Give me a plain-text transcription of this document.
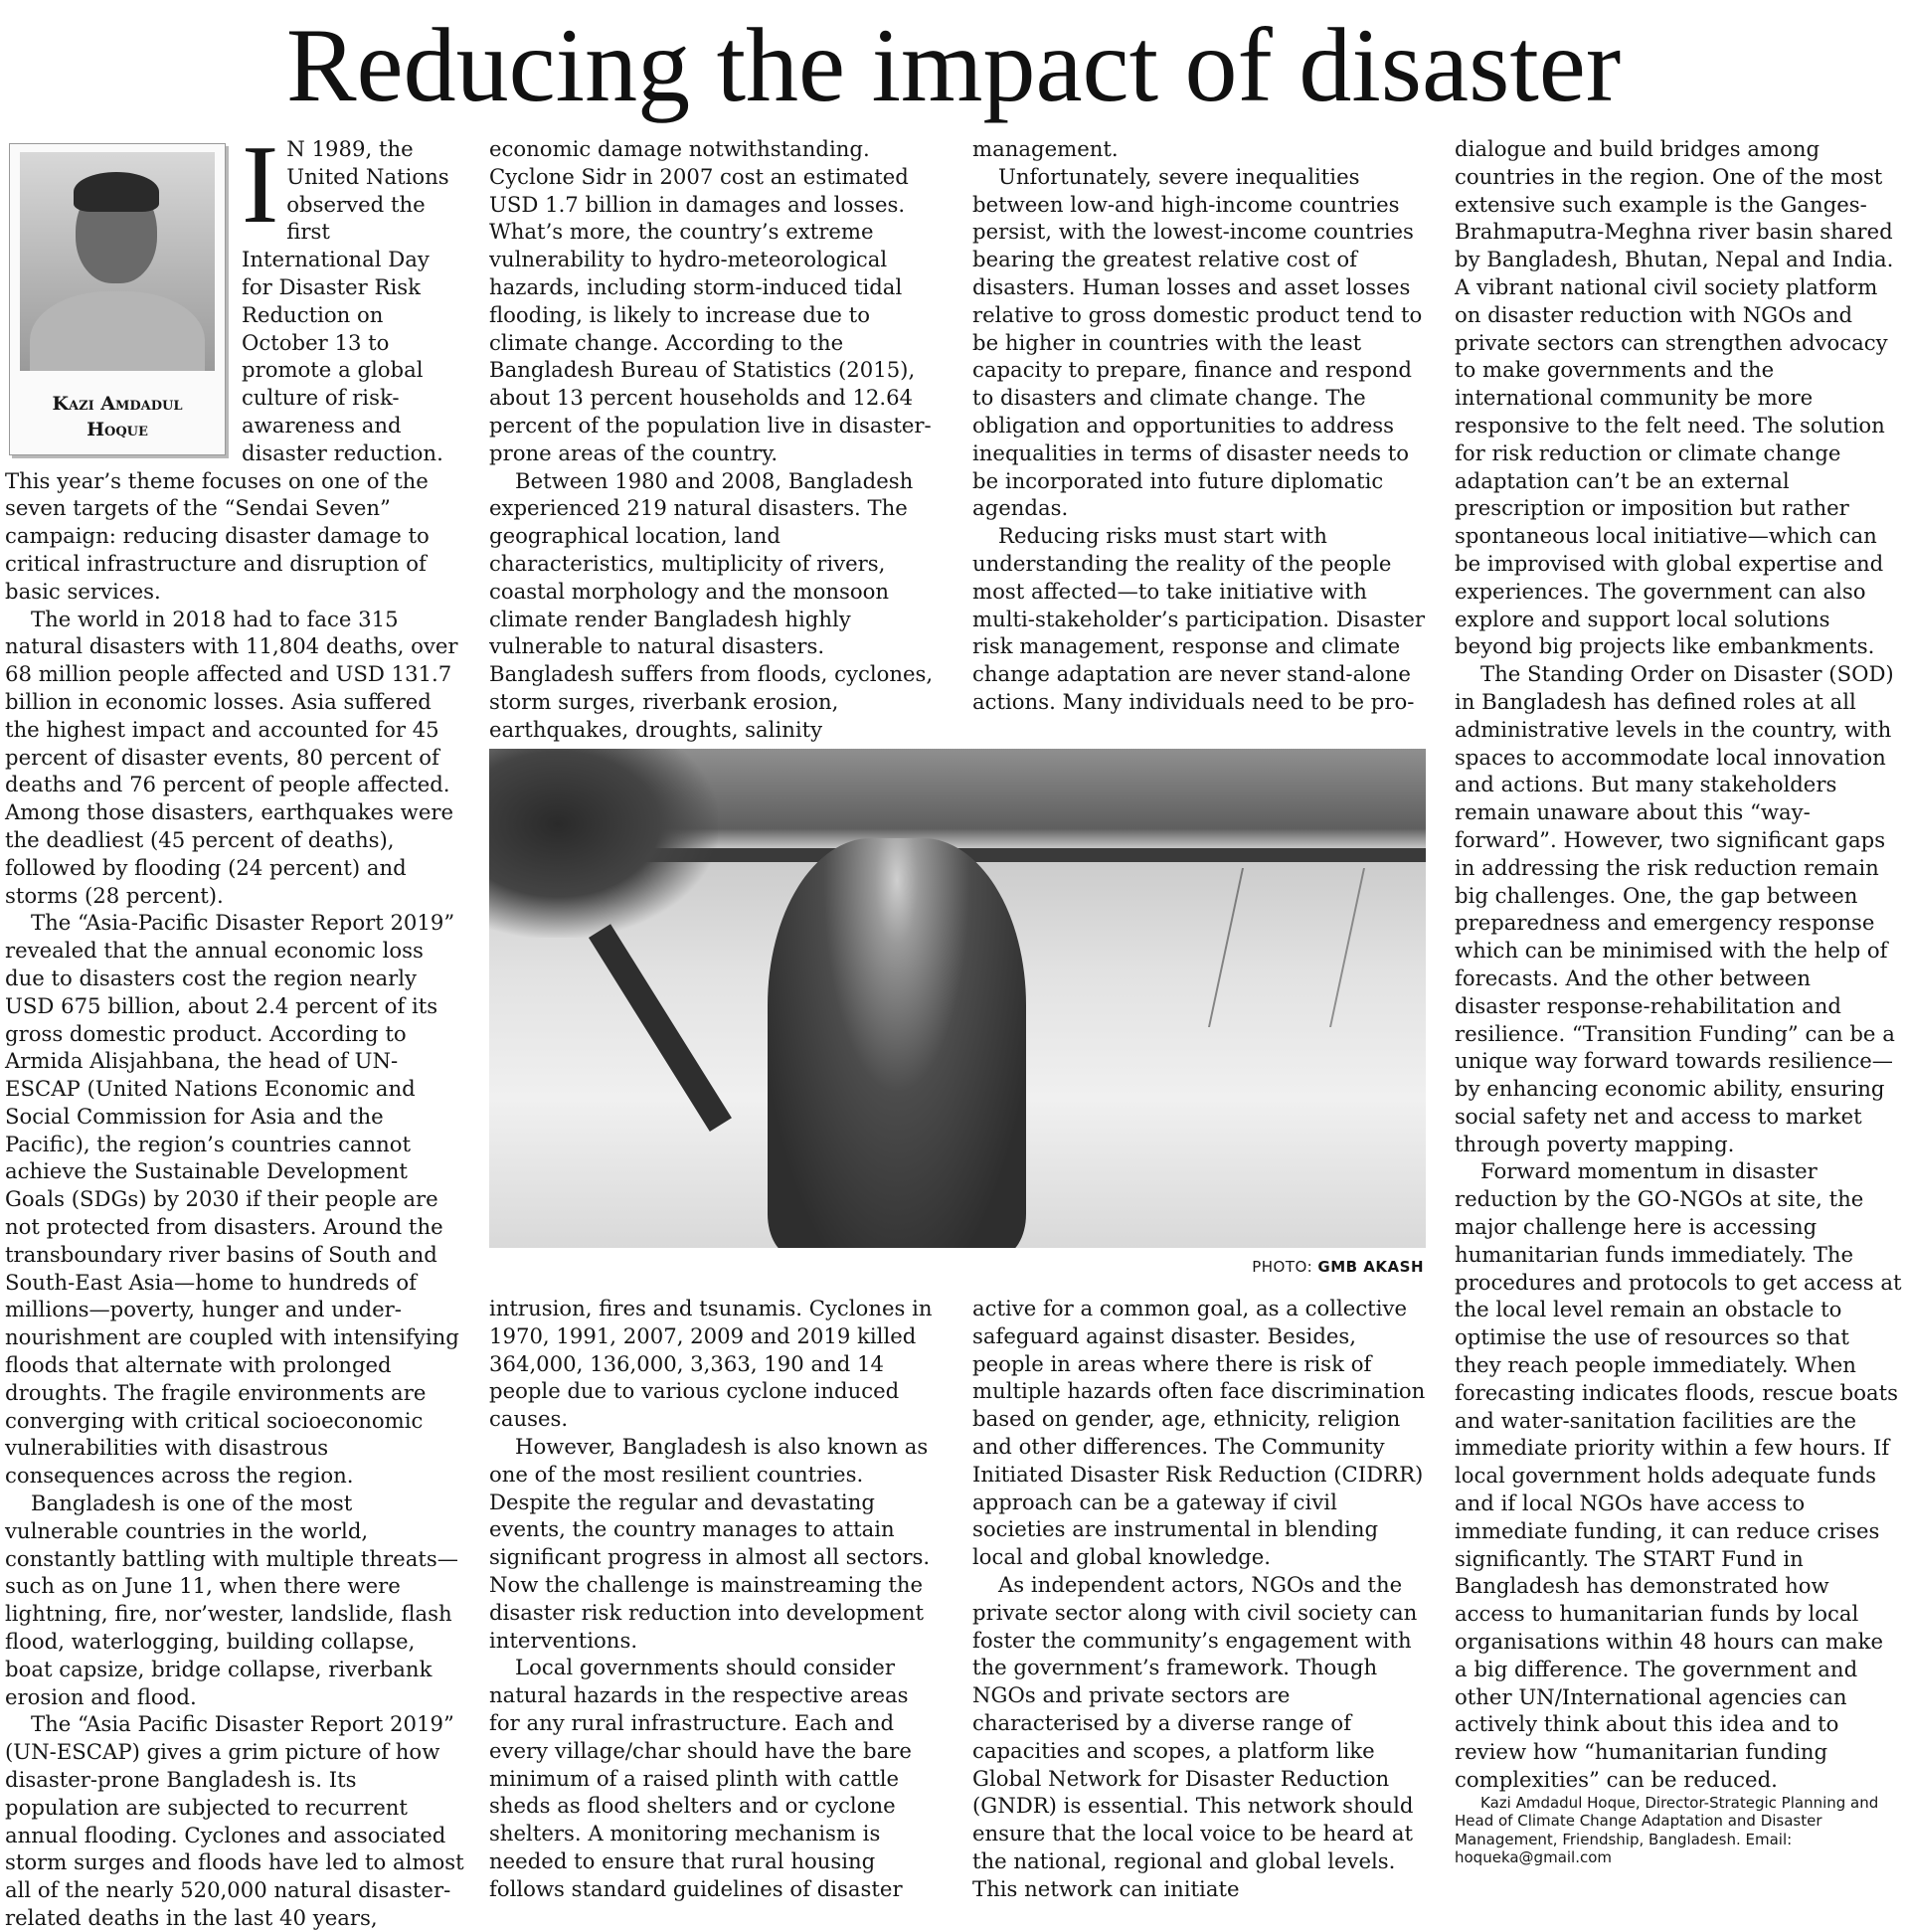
Reducing the impact of disaster
Kazi Amdadul
Hoque

I N 1989, the United Nations observed the first International Day for Disaster Risk Reduction on October 13 to promote a global culture of risk-awareness and disaster reduction. This year’s theme focuses on one of the seven targets of the “Sendai Seven” campaign: reducing disaster damage to critical infrastructure and disruption of basic services.

The world in 2018 had to face 315 natural disasters with 11,804 deaths, over 68 million people affected and USD 131.7 billion in economic losses. Asia suffered the highest impact and accounted for 45 percent of disaster events, 80 percent of deaths and 76 percent of people affected. Among those disasters, earthquakes were the deadliest (45 percent of deaths), followed by flooding (24 percent) and storms (28 percent).

The “Asia-Pacific Disaster Report 2019” revealed that the annual economic loss due to disasters cost the region nearly USD 675 billion, about 2.4 percent of its gross domestic product. According to Armida Alisjahbana, the head of UN-ESCAP (United Nations Economic and Social Commission for Asia and the Pacific), the region’s countries cannot achieve the Sustainable Development Goals (SDGs) by 2030 if their people are not protected from disasters. Around the transboundary river basins of South and South-East Asia—home to hundreds of millions—poverty, hunger and under-nourishment are coupled with intensifying floods that alternate with prolonged droughts. The fragile environments are converging with critical socioeconomic vulnerabilities with disastrous consequences across the region.

Bangladesh is one of the most vulnerable countries in the world, constantly battling with multiple threats—such as on June 11, when there were lightning, fire, nor’wester, landslide, flash flood, waterlogging, building collapse, boat capsize, bridge collapse, riverbank erosion and flood.

The “Asia Pacific Disaster Report 2019” (UN-ESCAP) gives a grim picture of how disaster-prone Bangladesh is. Its population are subjected to recurrent annual flooding. Cyclones and associated storm surges and floods have led to almost all of the nearly 520,000 natural disaster-related deaths in the last 40 years,

economic damage notwithstanding. Cyclone Sidr in 2007 cost an estimated USD 1.7 billion in damages and losses. What’s more, the country’s extreme vulnerability to hydro-meteorological hazards, including storm-induced tidal flooding, is likely to increase due to climate change. According to the Bangladesh Bureau of Statistics (2015), about 13 percent households and 12.64 percent of the population live in disaster-prone areas of the country.

Between 1980 and 2008, Bangladesh experienced 219 natural disasters. The geographical location, land characteristics, multiplicity of rivers, coastal morphology and the monsoon climate render Bangladesh highly vulnerable to natural disasters. Bangladesh suffers from floods, cyclones, storm surges, riverbank erosion, earthquakes, droughts, salinity

management.

Unfortunately, severe inequalities between low-and high-income countries persist, with the lowest-income countries bearing the greatest relative cost of disasters. Human losses and asset losses relative to gross domestic product tend to be higher in countries with the least capacity to prepare, finance and respond to disasters and climate change. The obligation and opportunities to address inequalities in terms of disaster needs to be incorporated into future diplomatic agendas.

Reducing risks must start with understanding the reality of the people most affected—to take initiative with multi-stakeholder’s participation. Disaster risk management, response and climate change adaptation are never stand-alone actions. Many individuals need to be pro-

PHOTO: GMB AKASH

intrusion, fires and tsunamis. Cyclones in 1970, 1991, 2007, 2009 and 2019 killed 364,000, 136,000, 3,363, 190 and 14 people due to various cyclone induced causes.

However, Bangladesh is also known as one of the most resilient countries. Despite the regular and devastating events, the country manages to attain significant progress in almost all sectors. Now the challenge is mainstreaming the disaster risk reduction into development interventions.

Local governments should consider natural hazards in the respective areas for any rural infrastructure. Each and every village/char should have the bare minimum of a raised plinth with cattle sheds as flood shelters and or cyclone shelters. A monitoring mechanism is needed to ensure that rural housing follows standard guidelines of disaster

active for a common goal, as a collective safeguard against disaster. Besides, people in areas where there is risk of multiple hazards often face discrimination based on gender, age, ethnicity, religion and other differences. The Community Initiated Disaster Risk Reduction (CIDRR) approach can be a gateway if civil societies are instrumental in blending local and global knowledge.

As independent actors, NGOs and the private sector along with civil society can foster the community’s engagement with the government’s framework. Though NGOs and private sectors are characterised by a diverse range of capacities and scopes, a platform like Global Network for Disaster Reduction (GNDR) is essential. This network should ensure that the local voice to be heard at the national, regional and global levels. This network can initiate

dialogue and build bridges among countries in the region. One of the most extensive such example is the Ganges-Brahmaputra-Meghna river basin shared by Bangladesh, Bhutan, Nepal and India. A vibrant national civil society platform on disaster reduction with NGOs and private sectors can strengthen advocacy to make governments and the international community be more responsive to the felt need. The solution for risk reduction or climate change adaptation can’t be an external prescription or imposition but rather spontaneous local initiative—which can be improvised with global expertise and experiences. The government can also explore and support local solutions beyond big projects like embankments.

The Standing Order on Disaster (SOD) in Bangladesh has defined roles at all administrative levels in the country, with spaces to accommodate local innovation and actions. But many stakeholders remain unaware about this “way-forward”. However, two significant gaps in addressing the risk reduction remain big challenges. One, the gap between preparedness and emergency response which can be minimised with the help of forecasts. And the other between disaster response-rehabilitation and resilience. “Transition Funding” can be a unique way forward towards resilience—by enhancing economic ability, ensuring social safety net and access to market through poverty mapping.

Forward momentum in disaster reduction by the GO-NGOs at site, the major challenge here is accessing humanitarian funds immediately. The procedures and protocols to get access at the local level remain an obstacle to optimise the use of resources so that they reach people immediately. When forecasting indicates floods, rescue boats and water-sanitation facilities are the immediate priority within a few hours. If local government holds adequate funds and if local NGOs have access to immediate funding, it can reduce crises significantly. The START Fund in Bangladesh has demonstrated how access to humanitarian funds by local organisations within 48 hours can make a big difference. The government and other UN/International agencies can actively think about this idea and to review how “humanitarian funding complexities” can be reduced.

Kazi Amdadul Hoque, Director-Strategic Planning and Head of Climate Change Adaptation and Disaster Management, Friendship, Bangladesh. Email: hoqueka@gmail.com
